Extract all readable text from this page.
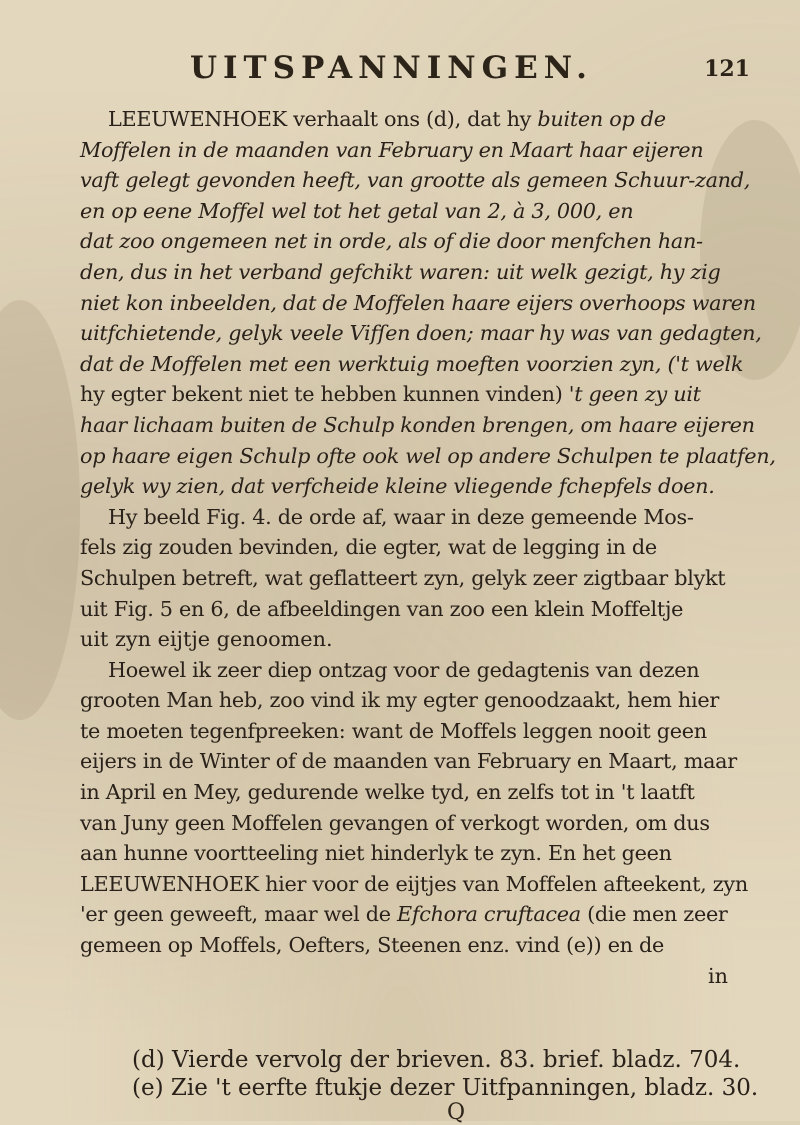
UITSPANNINGEN.	121
LEEUWENHOEK verhaalt ons (d), dat hy buiten op de
Moffelen in de maanden van February en Maart haar eijeren
vaft gelegt gevonden heeft, van grootte als gemeen Schuur-zand,
en op eene Moffel wel tot het getal van 2, à 3, 000, en
dat zoo ongemeen net in orde, als of die door menfchen han-
den, dus in het verband gefchikt waren: uit welk gezigt, hy zig
niet kon inbeelden, dat de Moffelen haare eijers overhoops waren
uitfchietende, gelyk veele Vifſen doen; maar hy was van gedagten,
dat de Moffelen met een werktuig moeften voorzien zyn, ('t welk
hy egter bekent niet te hebben kunnen vinden) 't geen zy uit
haar lichaam buiten de Schulp konden brengen, om haare eijeren
op haare eigen Schulp ofte ook wel op andere Schulpen te plaatfen,
gelyk wy zien, dat verfcheide kleine vliegende fchepfels doen.
Hy beeld Fig. 4. de orde af, waar in deze gemeende Mos-
fels zig zouden bevinden, die egter, wat de legging in de
Schulpen betreft, wat geflatteert zyn, gelyk zeer zigtbaar blykt
uit Fig. 5 en 6, de afbeeldingen van zoo een klein Moffeltje
uit zyn eijtje genoomen.
Hoewel ik zeer diep ontzag voor de gedagtenis van dezen
grooten Man heb, zoo vind ik my egter genoodzaakt, hem hier
te moeten tegenfpreeken: want de Moffels leggen nooit geen
eijers in de Winter of de maanden van February en Maart, maar
in April en Mey, gedurende welke tyd, en zelfs tot in 't laatft
van Juny geen Moffelen gevangen of verkogt worden, om dus
aan hunne voortteeling niet hinderlyk te zyn. En het geen
LEEUWENHOEK hier voor de eijtjes van Moffelen afteekent, zyn
'er geen geweeft, maar wel de Efchora cruftacea (die men zeer
gemeen op Moffels, Oefters, Steenen enz. vind (e)) en de
in
(d) Vierde vervolg der brieven. 83. brief. bladz. 704.
(e) Zie 't eerfte ftukje dezer Uitfpanningen, bladz. 30.
Q
